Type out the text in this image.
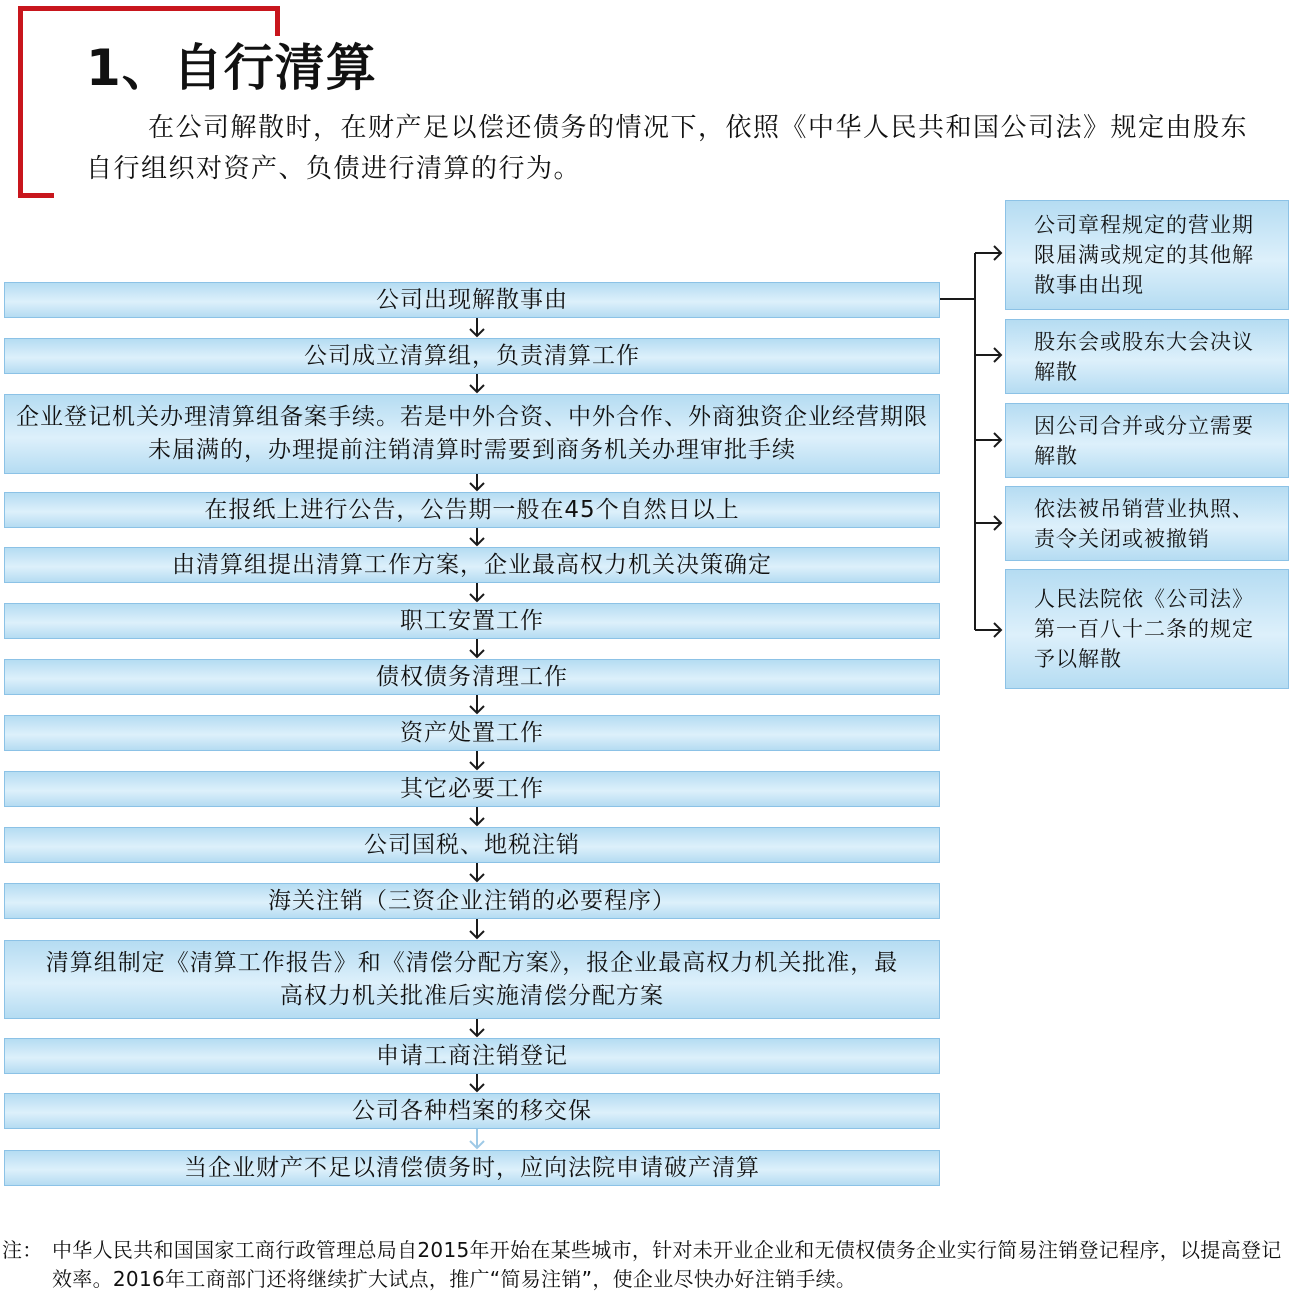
1、自行清算
在公司解散时，在财产足以偿还债务的情况下，依照《中华人民共和国公司法》规定由股东自行组织对资产、负债进行清算的行为。
公司出现解散事由
公司成立清算组，负责清算工作
企业登记机关办理清算组备案手续。若是中外合资、中外合作、外商独资企业经营期限未届满的，办理提前注销清算时需要到商务机关办理审批手续
在报纸上进行公告，公告期一般在45个自然日以上
由清算组提出清算工作方案，企业最高权力机关决策确定
职工安置工作
债权债务清理工作
资产处置工作
其它必要工作
公司国税、地税注销
海关注销（三资企业注销的必要程序）
清算组制定《清算工作报告》和《清偿分配方案》，报企业最高权力机关批准，最高权力机关批准后实施清偿分配方案
申请工商注销登记
公司各种档案的移交保
当企业财产不足以清偿债务时，应向法院申请破产清算
公司章程规定的营业期限届满或规定的其他解散事由出现
股东会或股东大会决议解散
因公司合并或分立需要解散
依法被吊销营业执照、责令关闭或被撤销
人民法院依《公司法》第一百八十二条的规定予以解散
注： 中华人民共和国国家工商行政管理总局自2015年开始在某些城市，针对未开业企业和无债权债务企业实行简易注销登记程序，以提高登记效率。2016年工商部门还将继续扩大试点，推广“简易注销”，使企业尽快办好注销手续。
